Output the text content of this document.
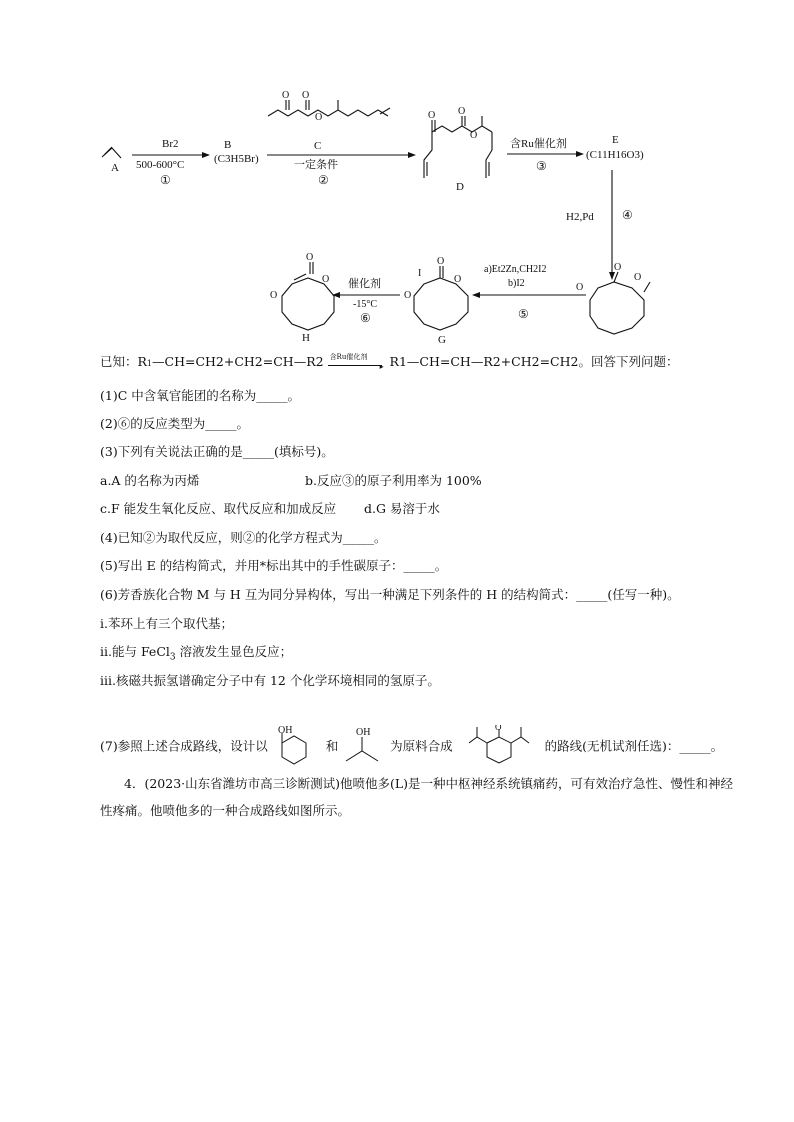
A
Br2
500-600°C
①
B
(C3H5Br)
O O
O
C
一定条件
②
O O
O
D
含Ru催化剂
③
E
(C11H16O3)
H2,Pd ④
O
O
O
a)Et2Zn,CH2I2
b)I2
⑤
I
O
O
O
G
催化剂
-15°C
⑥
O
O
O
H
已知：R1—CH=CH2+CH2=CH—R2 含Ru催化剂
▸ R1—CH=CH—R2+CH2=CH2。回答下列问题：
(1)C 中含氧官能团的名称为_____。
(2)⑥的反应类型为_____。
(3)下列有关说法正确的是_____(填标号)。
a.A 的名称为丙烯	b.反应③的原子利用率为 100%
c.F 能发生氧化反应、取代反应和加成反应 d.G 易溶于水
(4)已知②为取代反应，则②的化学方程式为_____。
(5)写出 E 的结构简式，并用*标出其中的手性碳原子：_____。
(6)芳香族化合物 M 与 H 互为同分异构体，写出一种满足下列条件的 H 的结构简式：_____(任写一种)。
i.苯环上有三个取代基；
ii.能与 FeCl$_3$ 溶液发生显色反应；
iii.核磁共振氢谱确定分子中有 12 个化学环境相同的氢原子。
(7)参照上述合成路线，设计以
OH
和
OH
为原料合成
O
的路线(无机试剂任选)：_____。
4．(2023·山东省潍坊市高三诊断测试)他喷他多(L)是一种中枢神经系统镇痛药，可有效治疗急性、慢性和神经性疼痛。他喷他多的一种合成路线如图所示。
